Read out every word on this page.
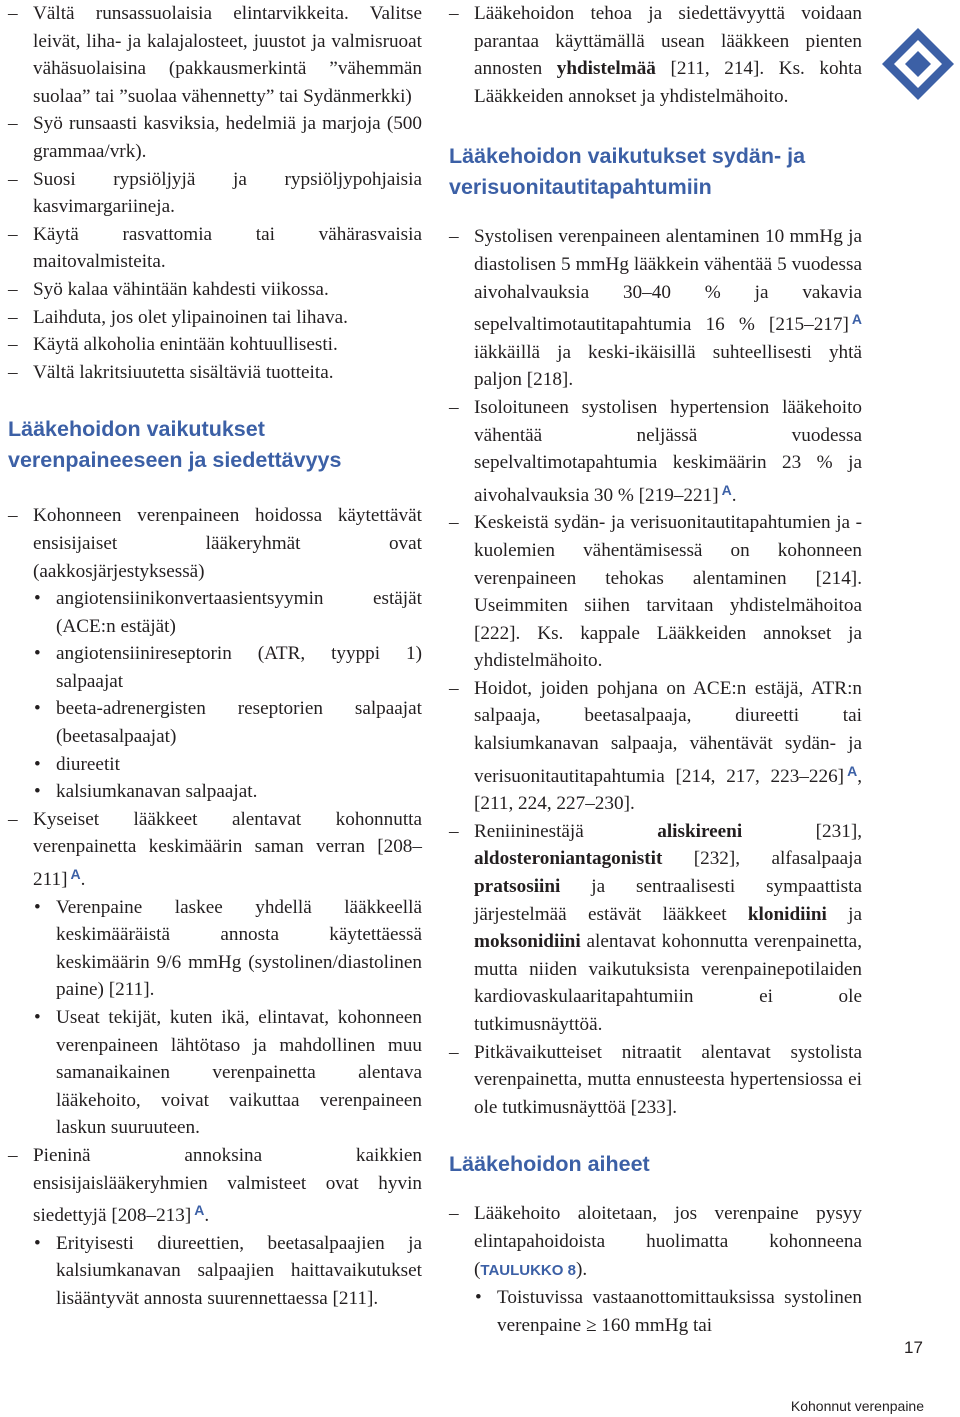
– Vältä runsassuolaisia elintarvikkeita. Valitse leivät, liha- ja kalajalosteet, juustot ja valmisruoat vähäsuolaisina (pakkausmerkintä ”vähemmän suolaa” tai ”suolaa vähennetty” tai Sydänmerkki)
– Syö runsaasti kasviksia, hedelmiä ja marjoja (500 grammaa/vrk).
– Suosi rypsiöljyjä ja rypsiöljypohjaisia kasvimargariineja.
– Käytä rasvattomia tai vähärasvaisia maitovalmisteita.
– Syö kalaa vähintään kahdesti viikossa.
– Laihduta, jos olet ylipainoinen tai lihava.
– Käytä alkoholia enintään kohtuullisesti.
– Vältä lakritsiuutetta sisältäviä tuotteita.
Lääkehoidon vaikutukset
verenpaineeseen ja siedettävyys
– Kohonneen verenpaineen hoidossa käytettävät ensisijaiset lääkeryhmät ovat (aakkosjärjestyksessä)
• angiotensiinikonvertaasientsyymin estäjät (ACE:n estäjät)
• angiotensiinireseptorin (ATR, tyyppi 1) salpaajat
• beeta-adrenergisten reseptorien salpaajat (beetasalpaajat)
• diureetit
• kalsiumkanavan salpaajat.
– Kyseiset lääkkeet alentavat kohonnutta verenpainetta keskimäärin saman verran [208–211] $^A$.
• Verenpaine laskee yhdellä lääkkeellä keskimääräistä annosta käytettäessä keskimäärin 9/6 mmHg (systolinen/diastolinen paine) [211].
• Useat tekijät, kuten ikä, elintavat, kohonneen verenpaineen lähtötaso ja mahdollinen muu samanaikainen verenpainetta alentava lääkehoito, voivat vaikuttaa verenpaineen laskun suuruuteen.
– Pieninä annoksina kaikkien ensisijaislääkeryhmien valmisteet ovat hyvin siedettyjä [208–213] $^A$.
• Erityisesti diureettien, beetasalpaajien ja kalsiumkanavan salpaajien haittavaikutukset lisääntyvät annosta suurennettaessa [211].
– Lääkehoidon tehoa ja siedettävyyttä voidaan parantaa käyttämällä usean lääkkeen pienten annosten yhdistelmää [211, 214]. Ks. kohta Lääkkeiden annokset ja yhdistelmähoito.
Lääkehoidon vaikutukset sydän- ja
verisuonitautitapahtumiin
– Systolisen verenpaineen alentaminen 10 mmHg ja diastolisen 5 mmHg lääkkein vähentää 5 vuodessa aivohalvauksia 30–40 % ja vakavia sepelvaltimotautitapahtumia 16 % [215–217] $^A$ iäkkäillä ja keski-ikäisillä suhteellisesti yhtä paljon [218].
– Isoloituneen systolisen hypertension lääkehoito vähentää neljässä vuodessa sepelvaltimotapahtumia keskimäärin 23 % ja aivohalvauksia 30 % [219–221] $^A$.
– Keskeistä sydän- ja verisuonitautitapahtumien ja -kuolemien vähentämisessä on kohonneen verenpaineen tehokas alentaminen [214]. Useimmiten siihen tarvitaan yhdistelmähoitoa [222]. Ks. kappale Lääkkeiden annokset ja yhdistelmähoito.
– Hoidot, joiden pohjana on ACE:n estäjä, ATR:n salpaaja, beetasalpaaja, diureetti tai kalsiumkanavan salpaaja, vähentävät sydän- ja verisuonitautitapahtumia [214, 217, 223–226] $^A$, [211, 224, 227–230].
– Reniininestäjä	aliskireeni	[231], aldosteroniantagonistit [232], alfasalpaaja pratsosiini ja sentraalisesti sympaattista järjestelmää estävät lääkkeet klonidiini ja moksonidiini alentavat kohonnutta verenpainetta, mutta niiden vaikutuksista verenpainepotilaiden kardiovaskulaaritapahtumiin ei ole tutkimusnäyttöä.
– Pitkävaikutteiset nitraatit alentavat systolista verenpainetta, mutta ennusteesta hypertensiossa ei ole tutkimusnäyttöä [233].
Lääkehoidon aiheet
– Lääkehoito aloitetaan, jos verenpaine pysyy elintapahoidoista huolimatta kohonneena (TAULUKKO 8).
• Toistuvissa vastaanottomittauksissa systolinen verenpaine ≥ 160 mmHg tai
17
Kohonnut verenpaine
